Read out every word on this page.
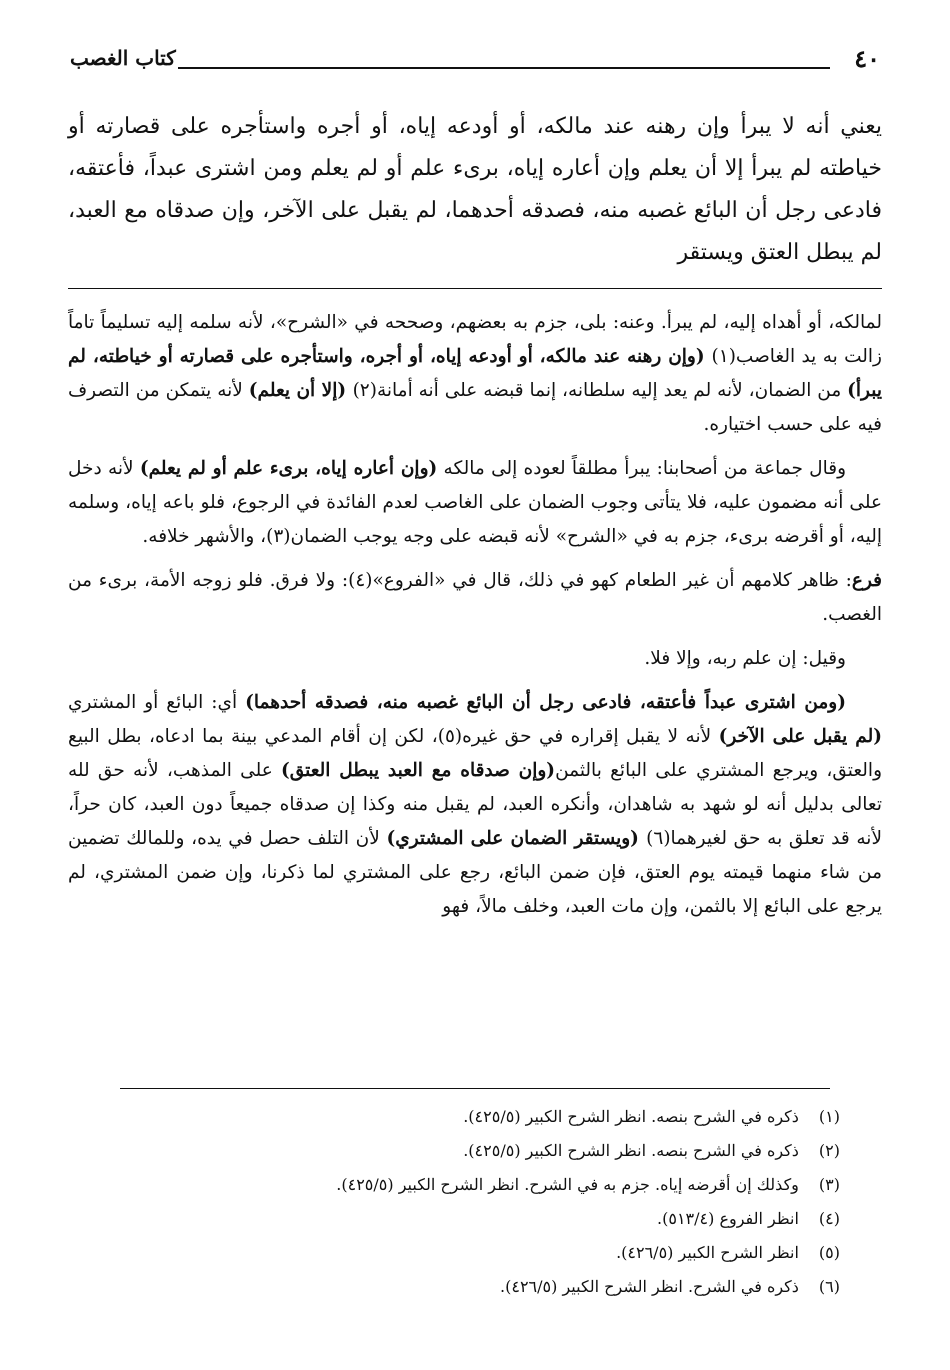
٤٠
كتاب الغصب

يعني أنه لا يبرأ وإن رهنه عند مالكه، أو أودعه إياه، أو أجره واستأجره على قصارته أو خياطته لم يبرأ إلا أن يعلم وإن أعاره إياه، برىء علم أو لم يعلم ومن اشترى عبداً، فأعتقه، فادعى رجل أن البائع غصبه منه، فصدقه أحدهما، لم يقبل على الآخر، وإن صدقاه مع العبد، لم يبطل العتق ويستقر

لمالكه، أو أهداه إليه، لم يبرأ. وعنه: بلى، جزم به بعضهم، وصححه في «الشرح»، لأنه سلمه إليه تسليماً تاماً زالت به يد الغاصب(١) (وإن رهنه عند مالكه، أو أودعه إياه، أو أجره، واستأجره على قصارته أو خياطته، لم يبرأ) من الضمان، لأنه لم يعد إليه سلطانه، إنما قبضه على أنه أمانة(٢) (إلا أن يعلم) لأنه يتمكن من التصرف فيه على حسب اختياره.

وقال جماعة من أصحابنا: يبرأ مطلقاً لعوده إلى مالكه (وإن أعاره إياه، برىء علم أو لم يعلم) لأنه دخل على أنه مضمون عليه، فلا يتأتى وجوب الضمان على الغاصب لعدم الفائدة في الرجوع، فلو باعه إياه، وسلمه إليه، أو أقرضه برىء، جزم به في «الشرح» لأنه قبضه على وجه يوجب الضمان(٣)، والأشهر خلافه.

فرع: ظاهر كلامهم أن غير الطعام كهو في ذلك، قال في «الفروع»(٤): ولا فرق. فلو زوجه الأمة، برىء من الغصب.

وقيل: إن علم ربه، وإلا فلا.

(ومن اشترى عبداً فأعتقه، فادعى رجل أن البائع غصبه منه، فصدقه أحدهما) أي: البائع أو المشتري (لم يقبل على الآخر) لأنه لا يقبل إقراره في حق غيره(٥)، لكن إن أقام المدعي بينة بما ادعاه، بطل البيع والعتق، ويرجع المشتري على البائع بالثمن(وإن صدقاه مع العبد يبطل العتق) على المذهب، لأنه حق لله تعالى بدليل أنه لو شهد به شاهدان، وأنكره العبد، لم يقبل منه وكذا إن صدقاه جميعاً دون العبد، كان حراً، لأنه قد تعلق به حق لغيرهما(٦) (ويستقر الضمان على المشتري) لأن التلف حصل في يده، وللمالك تضمين من شاء منهما قيمته يوم العتق، فإن ضمن البائع، رجع على المشتري لما ذكرنا، وإن ضمن المشتري، لم يرجع على البائع إلا بالثمن، وإن مات العبد، وخلف مالاً، فهو

(١) ذكره في الشرح بنصه. انظر الشرح الكبير (٤٢٥/٥).
(٢) ذكره في الشرح بنصه. انظر الشرح الكبير (٤٢٥/٥).
(٣) وكذلك إن أقرضه إياه. جزم به في الشرح. انظر الشرح الكبير (٤٢٥/٥).
(٤) انظر الفروع (٥١٣/٤).
(٥) انظر الشرح الكبير (٤٢٦/٥).
(٦) ذكره في الشرح. انظر الشرح الكبير (٤٢٦/٥).
